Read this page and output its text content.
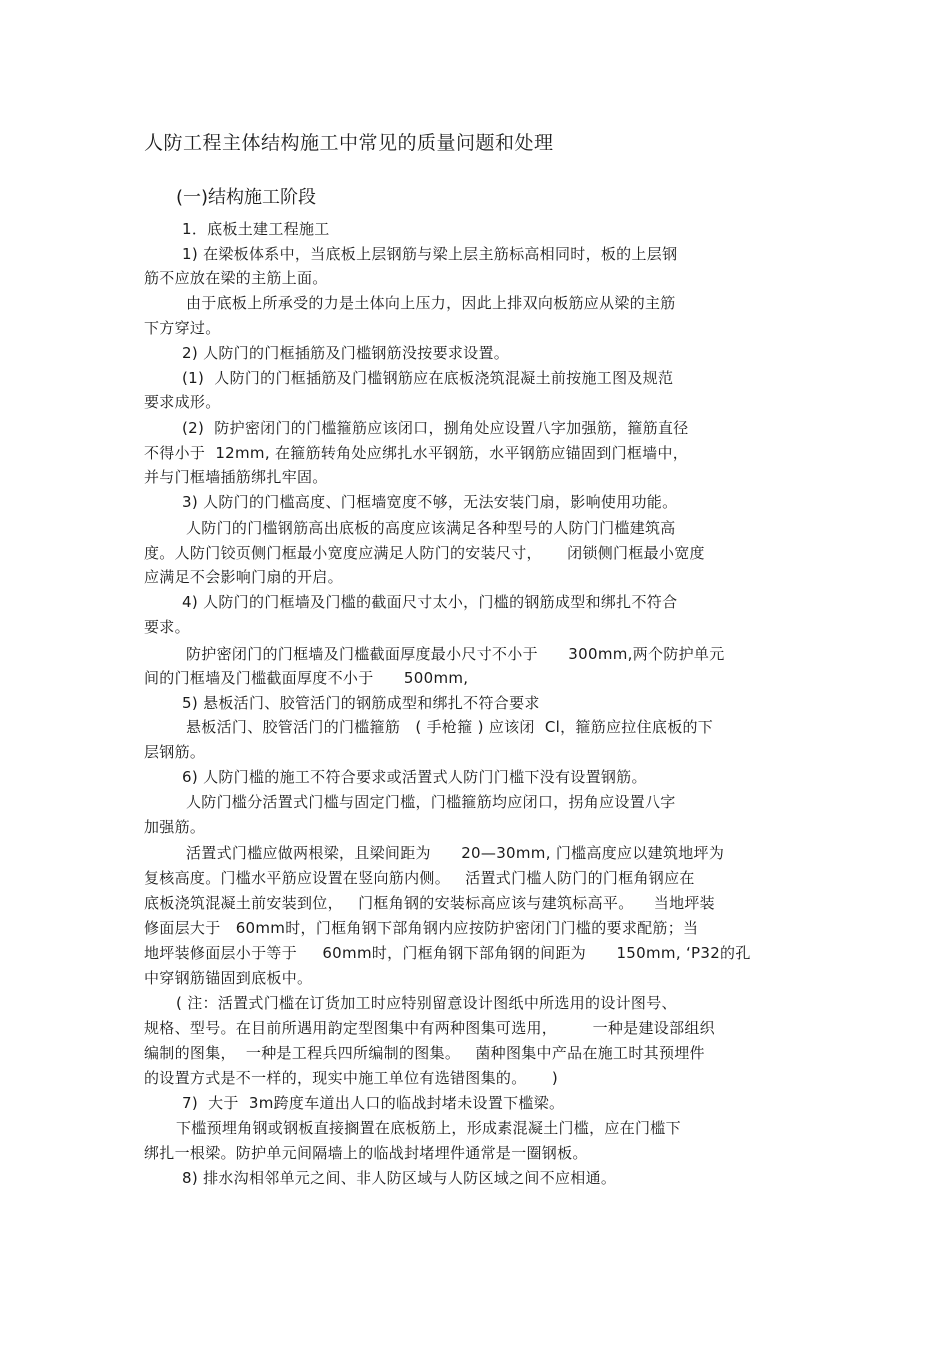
人防工程主体结构施工中常见的质量问题和处理
(一)结构施工阶段
1．底板土建工程施工
1) 在梁板体系中，当底板上层钢筋与梁上层主筋标高相同时，板的上层钢
筋不应放在梁的主筋上面。
由于底板上所承受的力是土体向上压力，因此上排双向板筋应从梁的主筋
下方穿过。
2) 人防门的门框插筋及门槛钢筋没按要求设置。
(1)  人防门的门框插筋及门槛钢筋应在底板浇筑混凝土前按施工图及规范
要求成形。
(2)  防护密闭门的门槛箍筋应该闭口，捌角处应设置八字加强筋，箍筋直径
不得小于  12mm, 在箍筋转角处应绑扎水平钢筋，水平钢筋应锚固到门框墙中，
并与门框墙插筋绑扎牢固。
3) 人防门的门槛高度、门框墙宽度不够，无法安装门扇，影响使用功能。
人防门的门槛钢筋高出底板的高度应该满足各种型号的人防门门槛建筑高
度。人防门铰页侧门框最小宽度应满足人防门的安装尺寸，     闭锁侧门框最小宽度
应满足不会影响门扇的开启。
4) 人防门的门框墙及门槛的截面尺寸太小，门槛的钢筋成型和绑扎不符合
要求。
防护密闭门的门框墙及门槛截面厚度最小尺寸不小于      300mm,两个防护单元
间的门框墙及门槛截面厚度不小于      500mm,
5) 悬板活门、胶管活门的钢筋成型和绑扎不符合要求
悬板活门、胶管活门的门槛箍筋   ( 手枪箍 ) 应该闭  Cl，箍筋应拉住底板的下
层钢筋。
6) 人防门槛的施工不符合要求或活置式人防门门槛下没有设置钢筋。
人防门槛分活置式门槛与固定门槛，门槛箍筋均应闭口，拐角应设置八字
加强筋。
活置式门槛应做两根梁，且梁间距为      20—30mm, 门槛高度应以建筑地坪为
复核高度。门槛水平筋应设置在竖向筋内侧。   活置式门槛人防门的门框角钢应在
底板浇筑混凝土前安装到位，   门框角钢的安装标高应该与建筑标高平。    当地坪装
修面层大于   60mm时，门框角钢下部角钢内应按防护密闭门门槛的要求配筋；当
地坪装修面层小于等于     60mm时，门框角钢下部角钢的间距为      150mm, ‘P32的孔
中穿钢筋锚固到底板中。
( 注：活置式门槛在订货加工时应特别留意设计图纸中所选用的设计图号、
规格、型号。在目前所遇用韵定型图集中有两种图集可选用，       一种是建设部组织
编制的图集，  一种是工程兵四所编制的图集。   菌种图集中产品在施工时其预埋件
的设置方式是不一样的，现实中施工单位有选错图集的。     )
7)  大于  3m跨度车道出人口的临战封堵未设置下槛梁。
下槛预埋角钢或钢板直接搁置在底板筋上，形成素混凝土门槛，应在门槛下
绑扎一根梁。防护单元间隔墙上的临战封堵埋件通常是一圈钢板。
8) 排水沟相邻单元之间、非人防区域与人防区域之间不应相通。
